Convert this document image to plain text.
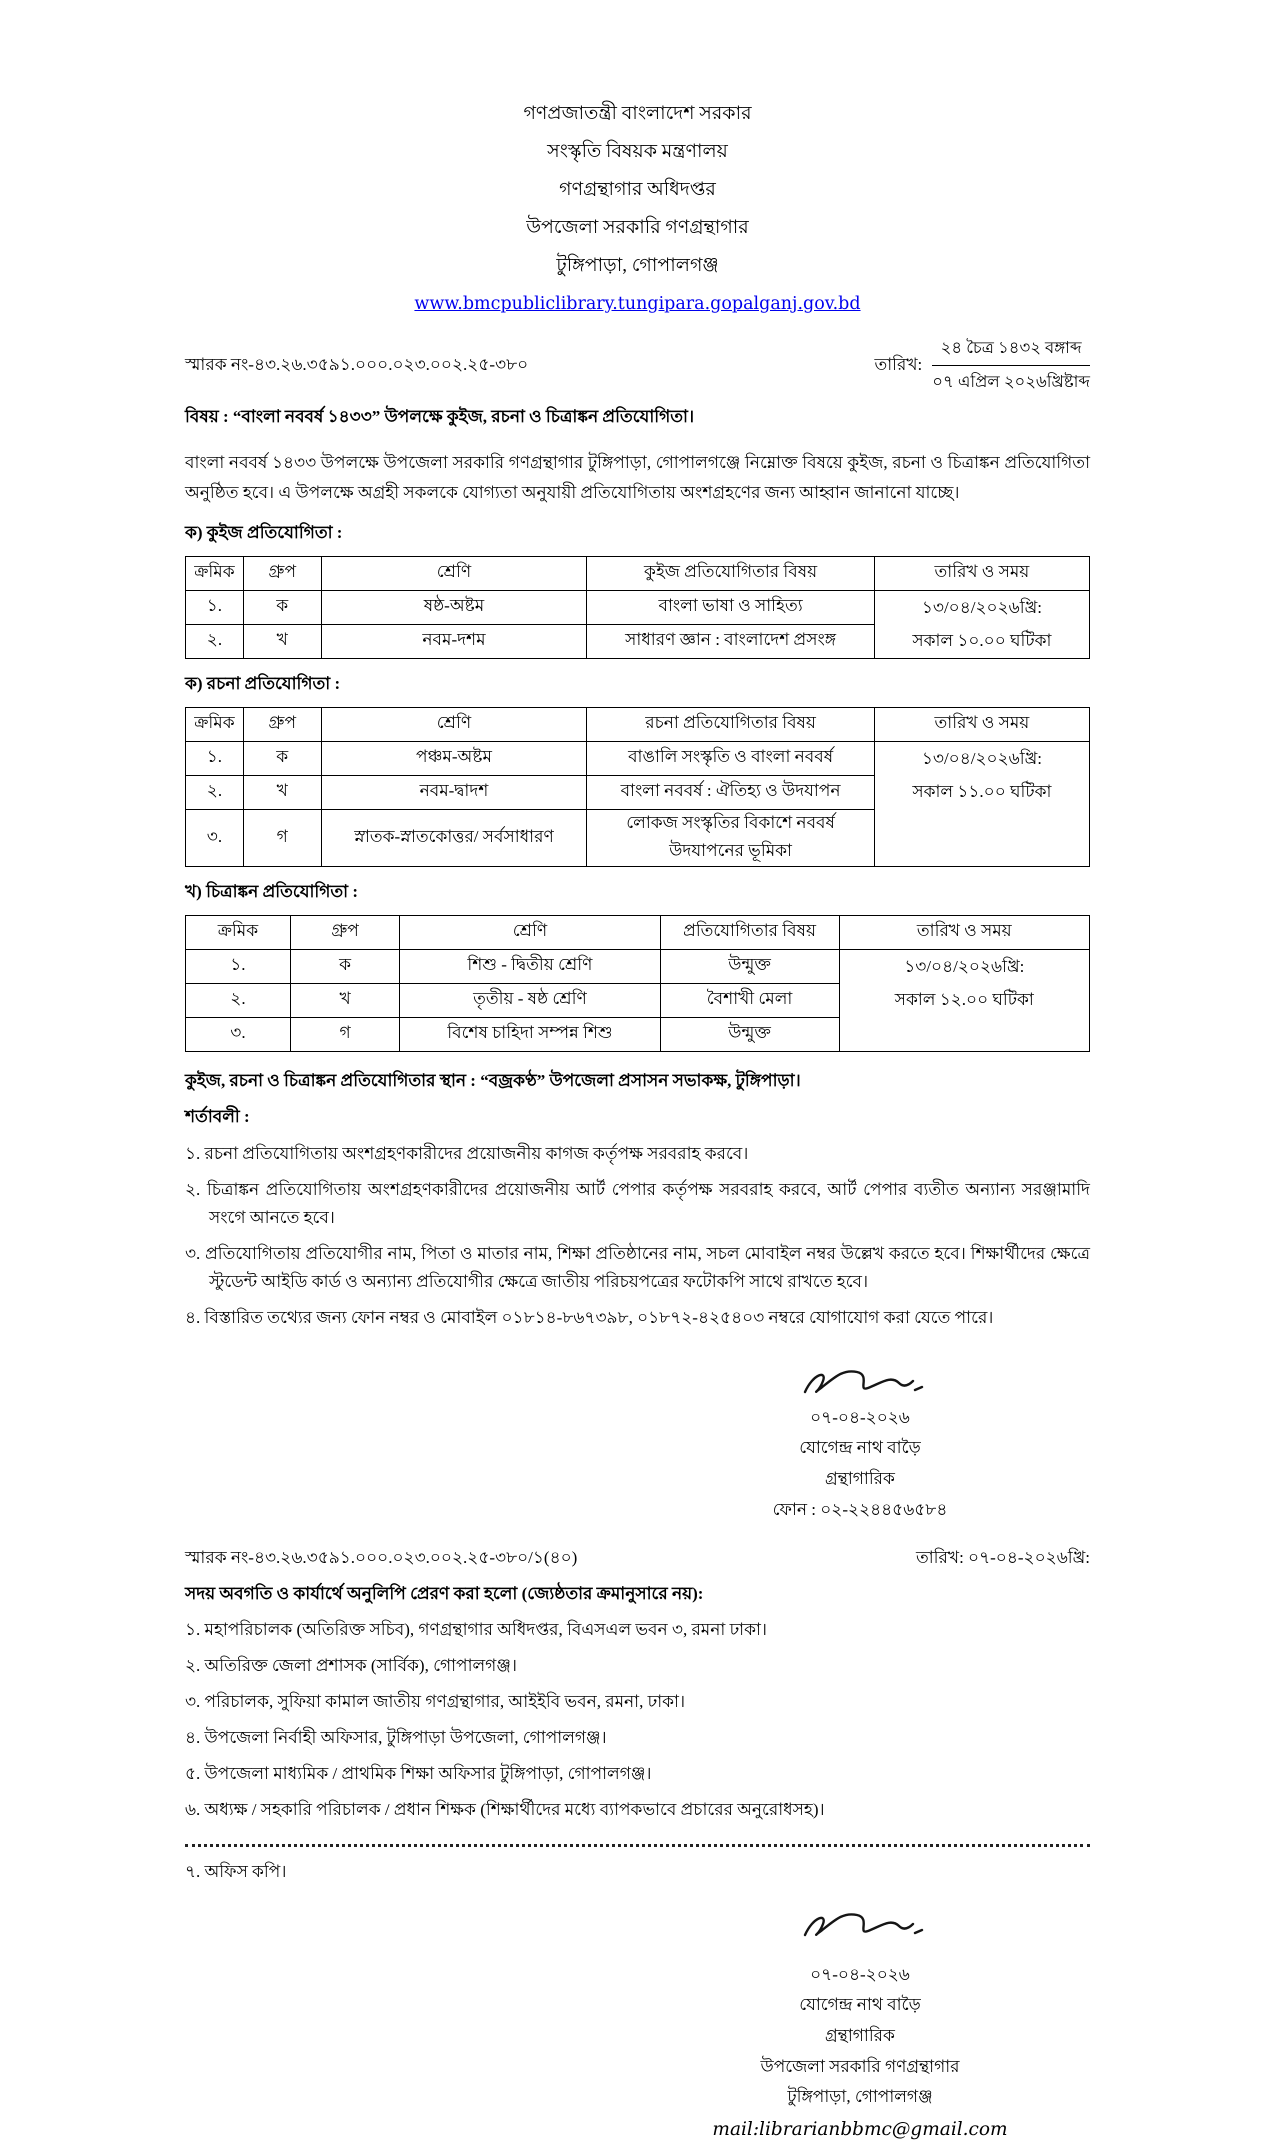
গণপ্রজাতন্ত্রী বাংলাদেশ সরকার
সংস্কৃতি বিষয়ক মন্ত্রণালয়
গণগ্রন্থাগার অধিদপ্তর
উপজেলা সরকারি গণগ্রন্থাগার
টুঙ্গিপাড়া, গোপালগঞ্জ
www.bmcpubliclibrary.tungipara.gopalganj.gov.bd
স্মারক নং-৪৩.২৬.৩৫৯১.০০০.০২৩.০০২.২৫-৩৮০	তারিখ: $\frac{\text{২৪ চৈত্র ১৪৩২ বঙ্গাব্দ}}{\text{০৭ এপ্রিল ২০২৬খ্রিষ্টাব্দ}}$
বিষয় : “বাংলা নববর্ষ ১৪৩৩” উপলক্ষে কুইজ, রচনা ও চিত্রাঙ্কন প্রতিযোগিতা।

বাংলা নববর্ষ ১৪৩৩ উপলক্ষে উপজেলা সরকারি গণগ্রন্থাগার টুঙ্গিপাড়া, গোপালগঞ্জে নিম্নোক্ত বিষয়ে কুইজ, রচনা ও চিত্রাঙ্কন প্রতিযোগিতা অনুষ্ঠিত হবে। এ উপলক্ষে অগ্রহী সকলকে যোগ্যতা অনুযায়ী প্রতিযোগিতায় অংশগ্রহণের জন্য আহ্বান জানানো যাচ্ছে।

ক) কুইজ প্রতিযোগিতা :
ক্রমিক	গ্রুপ	শ্রেণি	কুইজ প্রতিযোগিতার বিষয়	তারিখ ও সময়
১.	ক	ষষ্ঠ-অষ্টম	বাংলা ভাষা ও সাহিত্য	১৩/০৪/২০২৬খ্রি:
সকাল ১০.০০ ঘটিকা

২.	খ	নবম-দশম	সাধারণ জ্ঞান : বাংলাদেশ প্রসংঙ্গ	
ক) রচনা প্রতিযোগিতা :
ক্রমিক	গ্রুপ	শ্রেণি	রচনা প্রতিযোগিতার বিষয়	তারিখ ও সময়
১.	ক	পঞ্চম-অষ্টম	বাঙালি সংস্কৃতি ও বাংলা নববর্ষ	১৩/০৪/২০২৬খ্রি:
সকাল ১১.০০ ঘটিকা

২.	খ	নবম-দ্বাদশ	বাংলা নববর্ষ : ঐতিহ্য ও উদযাপন	
৩.	গ	স্নাতক-স্নাতকোত্তর/ সর্বসাধারণ	লোকজ সংস্কৃতির বিকাশে নববর্ষ উদযাপনের ভূমিকা	
খ) চিত্রাঙ্কন প্রতিযোগিতা :
ক্রমিক	গ্রুপ	শ্রেণি	প্রতিযোগিতার বিষয়	তারিখ ও সময়
১.	ক	শিশু - দ্বিতীয় শ্রেণি	উন্মুক্ত	১৩/০৪/২০২৬খ্রি:
সকাল ১২.০০ ঘটিকা

২.	খ	তৃতীয় - ষষ্ঠ শ্রেণি	বৈশাখী মেলা	
৩.	গ	বিশেষ চাহিদা সম্পন্ন শিশু	উন্মুক্ত	
কুইজ, রচনা ও চিত্রাঙ্কন প্রতিযোগিতার স্থান : “বজ্রকণ্ঠ” উপজেলা প্রসাসন সভাকক্ষ, টুঙ্গিপাড়া।
শর্তাবলী :
১. রচনা প্রতিযোগিতায় অংশগ্রহণকারীদের প্রয়োজনীয় কাগজ কর্তৃপক্ষ সরবরাহ করবে।
২. চিত্রাঙ্কন প্রতিযোগিতায় অংশগ্রহণকারীদের প্রয়োজনীয় আর্ট পেপার কর্তৃপক্ষ সরবরাহ করবে, আর্ট পেপার ব্যতীত অন্যান্য সরঞ্জামাদি সংগে আনতে হবে।
৩. প্রতিযোগিতায় প্রতিযোগীর নাম, পিতা ও মাতার নাম, শিক্ষা প্রতিষ্ঠানের নাম, সচল মোবাইল নম্বর উল্লেখ করতে হবে। শিক্ষার্থীদের ক্ষেত্রে স্টুডেন্ট আইডি কার্ড ও অন্যান্য প্রতিযোগীর ক্ষেত্রে জাতীয় পরিচয়পত্রের ফটোকপি সাথে রাখতে হবে।
৪. বিস্তারিত তথ্যের জন্য ফোন নম্বর ও মোবাইল ০১৮১৪-৮৬৭৩৯৮, ০১৮৭২-৪২৫৪০৩ নম্বরে যোগাযোগ করা যেতে পারে।
০৭-০৪-২০২৬
যোগেন্দ্র নাথ বাড়ৈ
গ্রন্থাগারিক
ফোন : ০২-২২৪৪৫৬৫৮৪
স্মারক নং-৪৩.২৬.৩৫৯১.০০০.০২৩.০০২.২৫-৩৮০/১(৪০)	তারিখ: ০৭-০৪-২০২৬খ্রি:
সদয় অবগতি ও কার্যার্থে অনুলিপি প্রেরণ করা হলো (জ্যেষ্ঠতার ক্রমানুসারে নয়):
১. মহাপরিচালক (অতিরিক্ত সচিব), গণগ্রন্থাগার অধিদপ্তর, বিএসএল ভবন ৩, রমনা ঢাকা।
২. অতিরিক্ত জেলা প্রশাসক (সার্বিক), গোপালগঞ্জ।
৩. পরিচালক, সুফিয়া কামাল জাতীয় গণগ্রন্থাগার, আইইবি ভবন, রমনা, ঢাকা।
৪. উপজেলা নির্বাহী অফিসার, টুঙ্গিপাড়া উপজেলা, গোপালগঞ্জ।
৫. উপজেলা মাধ্যমিক / প্রাথমিক শিক্ষা অফিসার টুঙ্গিপাড়া, গোপালগঞ্জ।
৬. অধ্যক্ষ / সহকারি পরিচালক / প্রধান শিক্ষক (শিক্ষার্থীদের মধ্যে ব্যাপকভাবে প্রচারের অনুরোধসহ)।
৭. অফিস কপি।
০৭-০৪-২০২৬
যোগেন্দ্র নাথ বাড়ৈ
গ্রন্থাগারিক
উপজেলা সরকারি গণগ্রন্থাগার
টুঙ্গিপাড়া, গোপালগঞ্জ
mail:librarianbbmc@gmail.com
